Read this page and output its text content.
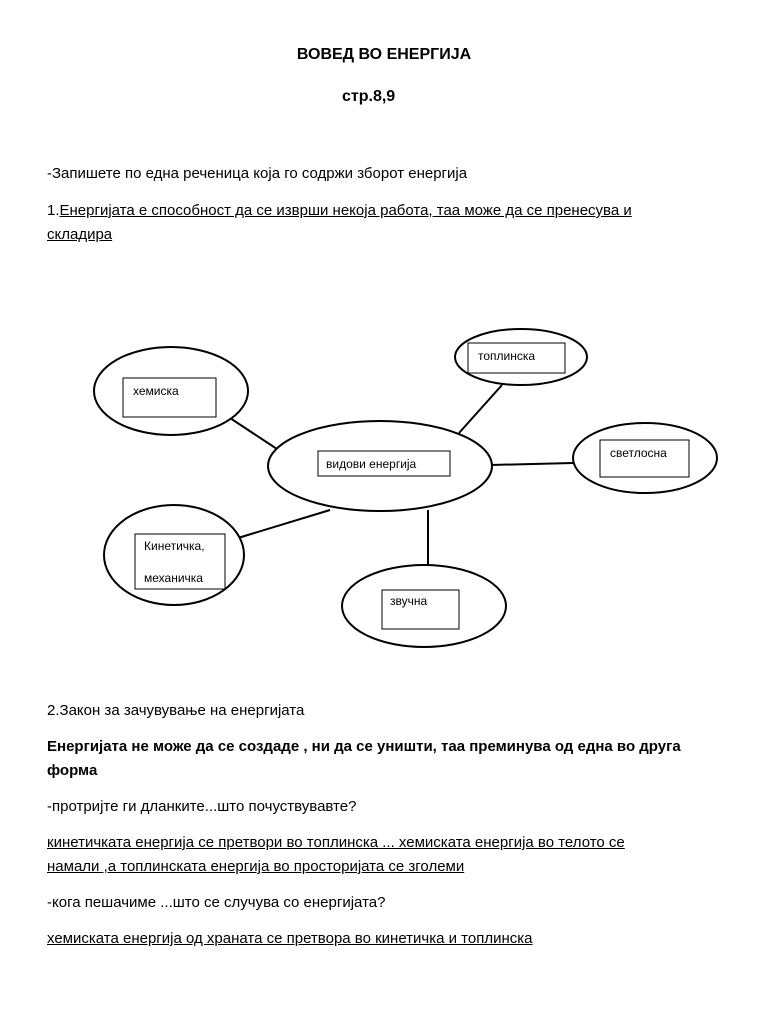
ВОВЕД ВО ЕНЕРГИЈА
стр.8,9
-Запишете по една реченица која го содржи зборот енергија
1.Енергијата е способност да се изврши некоја работа, таа може да се пренесува и
складира
видови енергија
хемиска
топлинска
светлосна
звучна
Кинетичка,
механичка
2.Закон за зачувување на енергијата
Енергијата не може да се создаде , ни да се уништи, таа преминува од една во друга
форма
-протријте ги дланките...што почуствувавте?
кинетичката енергија се претвори во топлинска ... хемиската енергија во телото се
намали ,а топлинската енергија во просторијата се зголеми
-кога пешачиме ...што се случува со енергијата?
хемиската енергија од храната се претвора во кинетичка и топлинска
